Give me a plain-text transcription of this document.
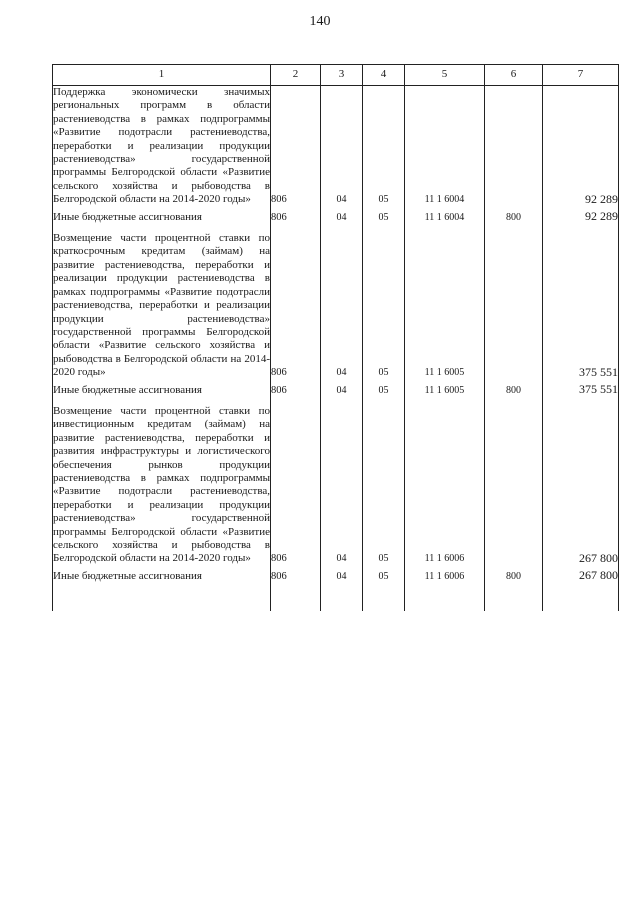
140
1	2	3	4	5	6	7

Поддержка экономически значимых региональных программ в области растениеводства в рамках подпрограммы «Развитие подотрасли растениеводства, переработки и реализации продукции растениеводства» государственной программы Белгородской области «Развитие сельского хозяйства и рыбоводства в Белгородской области на 2014-2020 годы»	806	04	05	11 1 6004		92 289

Иные бюджетные ассигнования	806	04	05	11 1 6004	800	92 289

Возмещение части процентной ставки по краткосрочным кредитам (займам) на развитие растениеводства, переработки и реализации продукции растениеводства в рамках подпрограммы «Развитие подотрасли растениеводства, переработки и реализации продукции растениеводства» государственной программы Белгородской области «Развитие сельского хозяйства и рыбоводства в Белгородской области на 2014-2020 годы»	806	04	05	11 1 6005		375 551

Иные бюджетные ассигнования	806	04	05	11 1 6005	800	375 551

Возмещение части процентной ставки по инвестиционным кредитам (займам) на развитие растениеводства, переработки и развития инфраструктуры и логистического обеспечения рынков продукции растениеводства в рамках подпрограммы «Развитие подотрасли растениеводства, переработки и реализации продукции растениеводства» государственной программы Белгородской области «Развитие сельского хозяйства и рыбоводства в Белгородской области на 2014-2020 годы»	806	04	05	11 1 6006		267 800

Иные бюджетные ассигнования	806	04	05	11 1 6006	800	267 800
